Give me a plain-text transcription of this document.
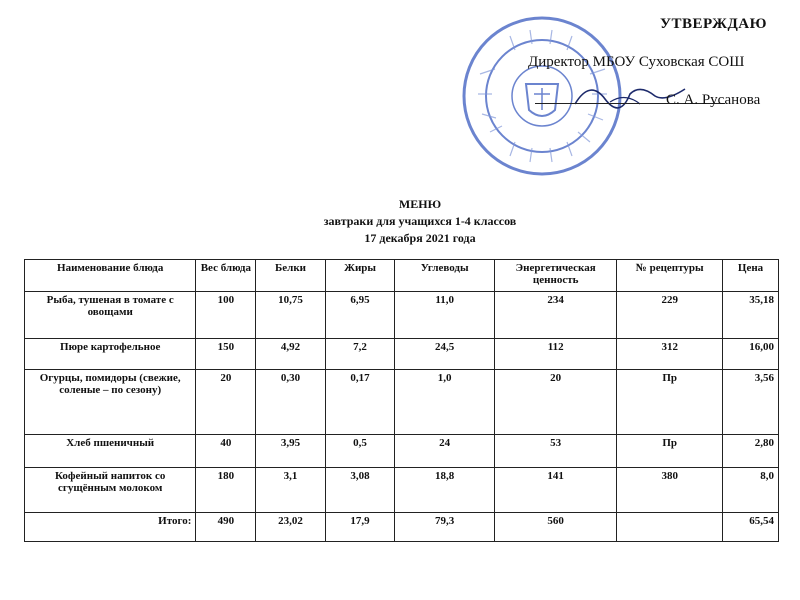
УТВЕРЖДАЮ
Директор МБОУ Суховская СОШ
С. А. Русанова
МЕНЮ
завтраки для учащихся 1-4 классов
17 декабря 2021 года
Наименование блюда	Вес блюда	Белки	Жиры	Углеводы	Энергетическая ценность	№ рецептуры	Цена
Рыба, тушеная в томате с овощами	100	10,75	6,95	11,0	234	229	35,18
Пюре картофельное	150	4,92	7,2	24,5	112	312	16,00
Огурцы, помидоры (свежие, соленые – по сезону)	20	0,30	0,17	1,0	20	Пр	3,56
Хлеб пшеничный	40	3,95	0,5	24	53	Пр	2,80
Кофейный напиток со сгущённым молоком	180	3,1	3,08	18,8	141	380	8,0
Итого:	490	23,02	17,9	79,3	560		65,54
